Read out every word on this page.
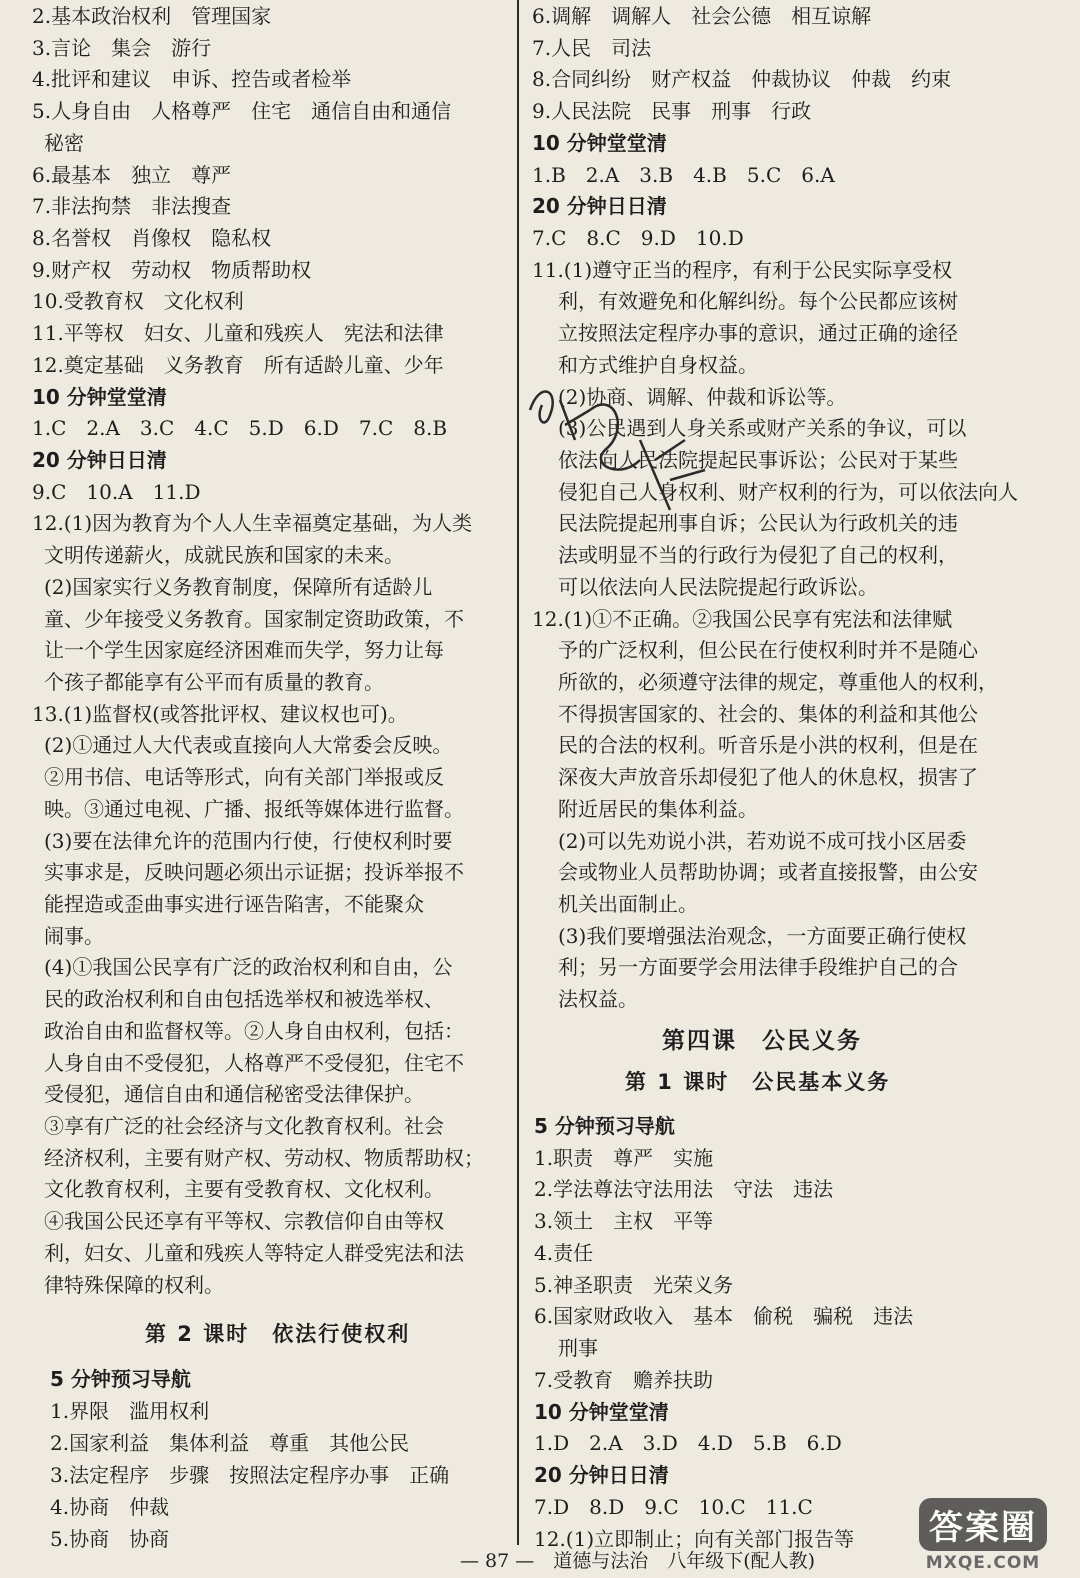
2.基本政治权利　管理国家
3.言论　集会　游行
4.批评和建议　申诉、控告或者检举
5.人身自由　人格尊严　住宅　通信自由和通信
秘密
6.最基本　独立　尊严
7.非法拘禁　非法搜查
8.名誉权　肖像权　隐私权
9.财产权　劳动权　物质帮助权
10.受教育权　文化权利
11.平等权　妇女、儿童和残疾人　宪法和法律
12.奠定基础　义务教育　所有适龄儿童、少年
10 分钟堂堂清
1.C　2.A　3.C　4.C　5.D　6.D　7.C　8.B
20 分钟日日清
9.C　10.A　11.D
12.(1)因为教育为个人人生幸福奠定基础，为人类
文明传递薪火，成就民族和国家的未来。
(2)国家实行义务教育制度，保障所有适龄儿
童、少年接受义务教育。国家制定资助政策，不
让一个学生因家庭经济困难而失学，努力让每
个孩子都能享有公平而有质量的教育。
13.(1)监督权(或答批评权、建议权也可)。
(2)①通过人大代表或直接向人大常委会反映。
②用书信、电话等形式，向有关部门举报或反
映。③通过电视、广播、报纸等媒体进行监督。
(3)要在法律允许的范围内行使，行使权利时要
实事求是，反映问题必须出示证据；投诉举报不
能捏造或歪曲事实进行诬告陷害，不能聚众
闹事。
(4)①我国公民享有广泛的政治权利和自由，公
民的政治权利和自由包括选举权和被选举权、
政治自由和监督权等。②人身自由权利，包括：
人身自由不受侵犯，人格尊严不受侵犯，住宅不
受侵犯，通信自由和通信秘密受法律保护。
③享有广泛的社会经济与文化教育权利。社会
经济权利，主要有财产权、劳动权、物质帮助权；
文化教育权利，主要有受教育权、文化权利。
④我国公民还享有平等权、宗教信仰自由等权
利，妇女、儿童和残疾人等特定人群受宪法和法
律特殊保障的权利。
第 2 课时　依法行使权利
5 分钟预习导航
1.界限　滥用权利
2.国家利益　集体利益　尊重　其他公民
3.法定程序　步骤　按照法定程序办事　正确
4.协商　仲裁
5.协商　协商
6.调解　调解人　社会公德　相互谅解
7.人民　司法
8.合同纠纷　财产权益　仲裁协议　仲裁　约束
9.人民法院　民事　刑事　行政
10 分钟堂堂清
1.B　2.A　3.B　4.B　5.C　6.A
20 分钟日日清
7.C　8.C　9.D　10.D
11.(1)遵守正当的程序，有利于公民实际享受权
利，有效避免和化解纠纷。每个公民都应该树
立按照法定程序办事的意识，通过正确的途径
和方式维护自身权益。
(2)协商、调解、仲裁和诉讼等。
(3)公民遇到人身关系或财产关系的争议，可以
依法向人民法院提起民事诉讼；公民对于某些
侵犯自己人身权利、财产权利的行为，可以依法向人
民法院提起刑事自诉；公民认为行政机关的违
法或明显不当的行政行为侵犯了自己的权利，
可以依法向人民法院提起行政诉讼。
12.(1)①不正确。②我国公民享有宪法和法律赋
予的广泛权利，但公民在行使权利时并不是随心
所欲的，必须遵守法律的规定，尊重他人的权利，
不得损害国家的、社会的、集体的利益和其他公
民的合法的权利。听音乐是小洪的权利，但是在
深夜大声放音乐却侵犯了他人的休息权，损害了
附近居民的集体利益。
(2)可以先劝说小洪，若劝说不成可找小区居委
会或物业人员帮助协调；或者直接报警，由公安
机关出面制止。
(3)我们要增强法治观念，一方面要正确行使权
利；另一方面要学会用法律手段维护自己的合
法权益。
第四课　公民义务
第 1 课时　公民基本义务
5 分钟预习导航
1.职责　尊严　实施
2.学法尊法守法用法　守法　违法
3.领土　主权　平等
4.责任
5.神圣职责　光荣义务
6.国家财政收入　基本　偷税　骗税　违法
刑事
7.受教育　赡养扶助
10 分钟堂堂清
1.D　2.A　3.D　4.D　5.B　6.D
20 分钟日日清
7.D　8.D　9.C　10.C　11.C
12.(1)立即制止；向有关部门报告等
— 87 —　道德与法治　八年级下(配人教)
答案圈
MXQE.COM
